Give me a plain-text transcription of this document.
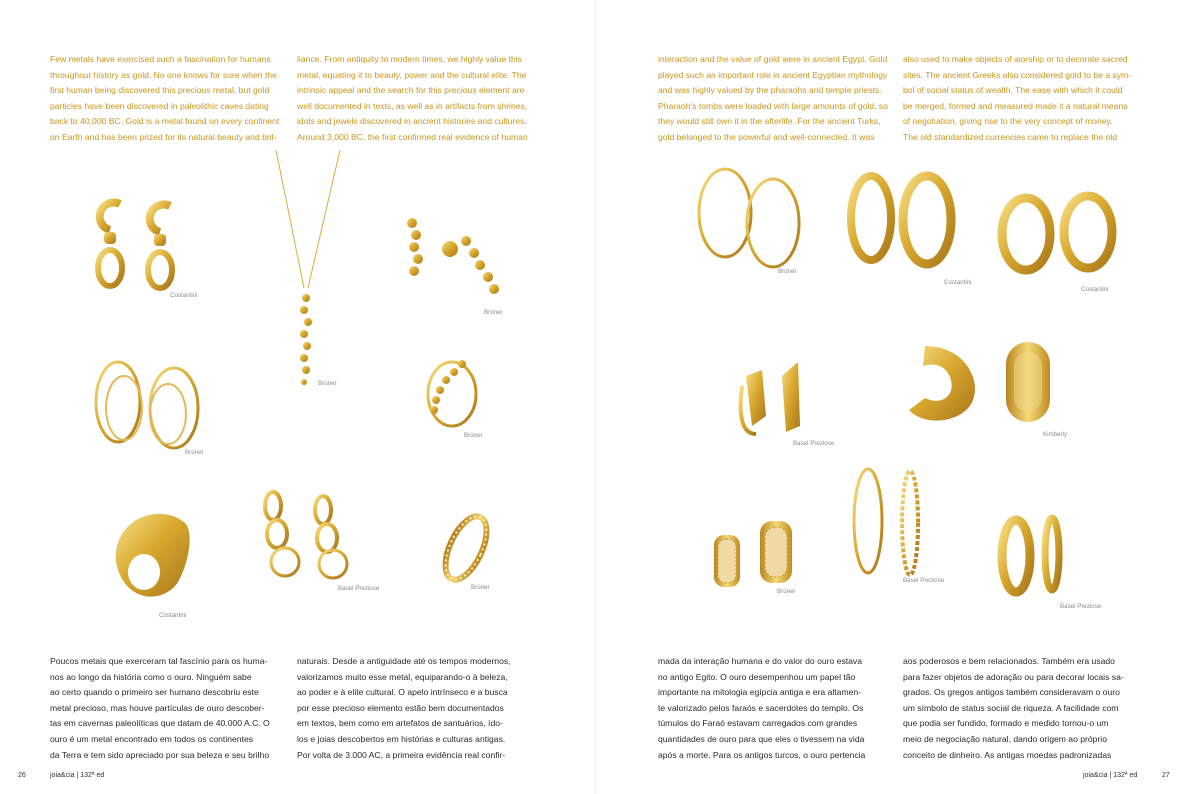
Few metals have exercised such a fascination for humans

throughout history as gold. No one knows for sure when the

first human being discovered this precious metal, but gold

particles have been discovered in paleolithic caves dating

back to 40,000 BC. Gold is a metal found on every continent

on Earth and has been prized for its natural beauty and bril-

liance. From antiquity to modern times, we highly value this

metal, equating it to beauty, power and the cultural elite. The

intrinsic appeal and the search for this precious element are

well documented in texts, as well as in artifacts from shrines,

idols and jewels discovered in ancient histories and cultures.

Around 3,000 BC, the first confirmed real evidence of human

Poucos metais que exerceram tal fascínio para os huma-

nos ao longo da história como o ouro. Ninguém sabe

ao certo quando o primeiro ser humano descobriu este

metal precioso, mas houve partículas de ouro descober-

tas em cavernas paleolíticas que datam de 40.000 A.C. O

ouro é um metal encontrado em todos os continentes

da Terra e tem sido apreciado por sua beleza e seu brilho

naturais. Desde a antiguidade até os tempos modernos,

valorizamos muito esse metal, equiparando-o à beleza,

ao poder e à elite cultural. O apelo intrínseco e a busca

por esse precioso elemento estão bem documentados

em textos, bem como em artefatos de santuários, ído-

los e joias descobertos em histórias e culturas antigas.

Por volta de 3.000 AC, a primeira evidência real confir-

interaction and the value of gold were in ancient Egypt. Gold

played such an important role in ancient Egyptian mythology

and was highly valued by the pharaohs and temple priests.

Pharaoh's tombs were loaded with large amounts of gold, so

they would still own it in the afterlife. For the ancient Turks,

gold belonged to the powerful and well-connected. It was

also used to make objects of worship or to decorate sacred

sites. The ancient Greeks also considered gold to be a sym-

bol of social status of wealth. The ease with which it could

be merged, formed and measured made it a natural means

of negotiation, giving rise to the very concept of money.

The old standardized currencies came to replace the old

mada da interação humana e do valor do ouro estava

no antigo Egito. O ouro desempenhou um papel tão

importante na mitologia egípcia antiga e era altamen-

te valorizado pelos faraós e sacerdotes do templo. Os

túmulos do Faraó estavam carregados com grandes

quantidades de ouro para que eles o tivessem na vida

após a morte. Para os antigos turcos, o ouro pertencia

aos poderosos e bem relacionados. Também era usado

para fazer objetos de adoração ou para decorar locais sa-

grados. Os gregos antigos também consideravam o ouro

um símbolo de status social de riqueza. A facilidade com

que podia ser fundido, formado e medido tornou-o um

meio de negociação natural, dando origem ao próprio

conceito de dinheiro. As antigas moedas padronizadas

Costantini
Brüner
Brüner
Brüner
Brüner
Costantini
Basel Preziose	Brüner
Brüner
Costantini
Costantini
Basel Preziose
Kimberly
Brüner
Basel Preziose
Basel Preziose
26	joia&cia | 132ª ed	joia&cia | 132ª ed	27
